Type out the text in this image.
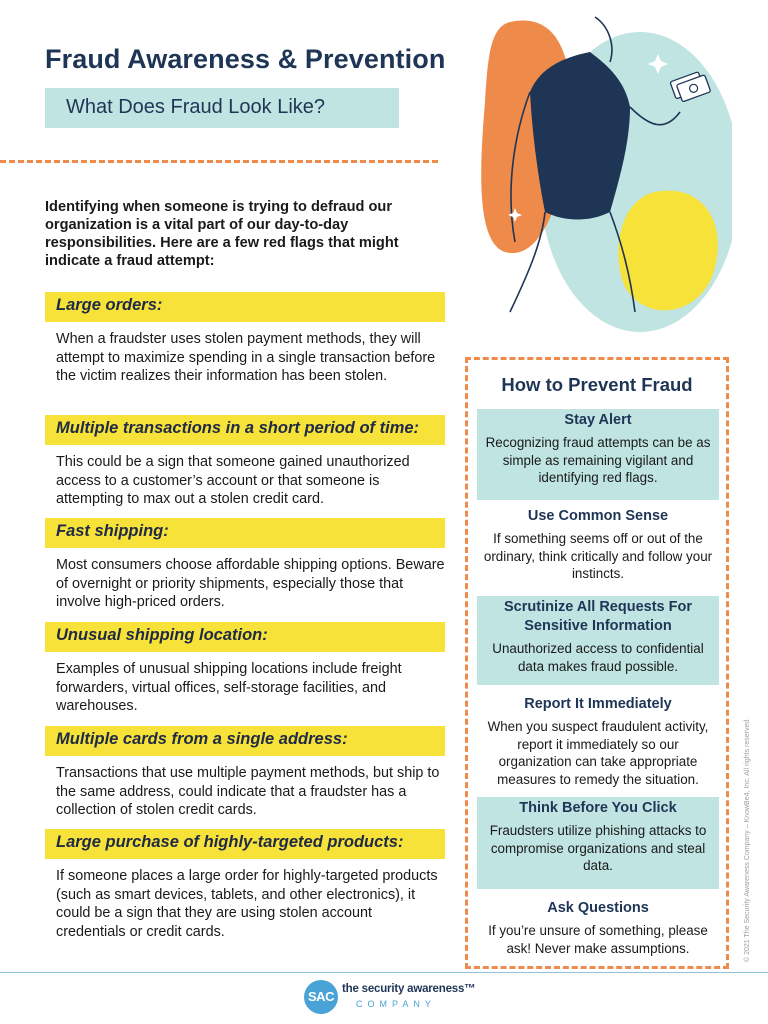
Fraud Awareness & Prevention
What Does Fraud Look Like?
Identifying when someone is trying to defraud our organization is a vital part of our day-to-day responsibilities. Here are a few red flags that might indicate a fraud attempt:
Large orders:
When a fraudster uses stolen payment methods, they will attempt to maximize spending in a single transaction before the victim realizes their information has been stolen.
Multiple transactions in a short period of time:
This could be a sign that someone gained unauthorized access to a customer’s account or that someone is attempting to max out a stolen credit card.
Fast shipping:
Most consumers choose affordable shipping options. Beware of overnight or priority shipments, especially those that involve high-priced orders.
Unusual shipping location:
Examples of unusual shipping locations include freight forwarders, virtual offices, self-storage facilities, and warehouses.
Multiple cards from a single address:
Transactions that use multiple payment methods, but ship to the same address, could indicate that a fraudster has a collection of stolen credit cards.
Large purchase of highly-targeted products:
If someone places a large order for highly-targeted products (such as smart devices, tablets, and other electronics), it could be a sign that they are using stolen account credentials or credit cards.
How to Prevent Fraud
Stay Alert
Recognizing fraud attempts can be as simple as remaining vigilant and identifying red flags.
Use Common Sense
If something seems off or out of the ordinary, think critically and follow your instincts.
Scrutinize All Requests For Sensitive Information
Unauthorized access to confidential data makes fraud possible.
Report It Immediately
When you suspect fraudulent activity, report it immediately so our organization can take appropriate measures to remedy the situation.
Think Before You Click
Fraudsters utilize phishing attacks to compromise organizations and steal data.
Ask Questions
If you’re unsure of something, please ask! Never make assumptions.	© 2021 The Security Awareness Company – KnowBe4, Inc. All rights reserved.
SAC the security awareness™
COMPANY
